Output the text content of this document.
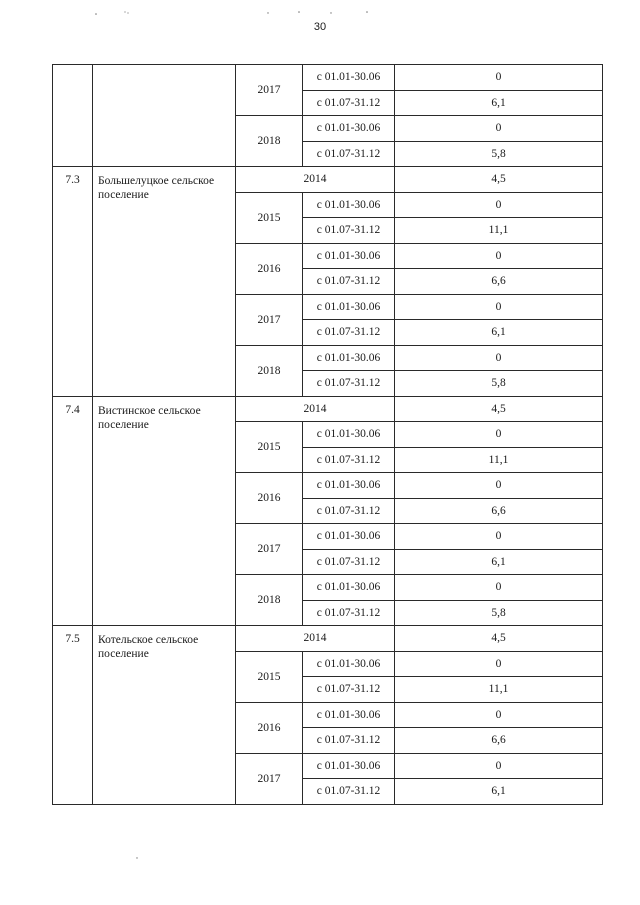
30
		2017	с 01.01-30.06	0
			с 01.07-31.12	6,1
		2018	с 01.01-30.06	0
			с 01.07-31.12	5,8
7.3	Большелуцкое сельское поселение	2014		4,5
		2015	с 01.01-30.06	0
			с 01.07-31.12	11,1
		2016	с 01.01-30.06	0
			с 01.07-31.12	6,6
		2017	с 01.01-30.06	0
			с 01.07-31.12	6,1
		2018	с 01.01-30.06	0
			с 01.07-31.12	5,8
7.4	Вистинское сельское поселение	2014		4,5
		2015	с 01.01-30.06	0
			с 01.07-31.12	11,1
		2016	с 01.01-30.06	0
			с 01.07-31.12	6,6
		2017	с 01.01-30.06	0
			с 01.07-31.12	6,1
		2018	с 01.01-30.06	0
			с 01.07-31.12	5,8
7.5	Котельское сельское поселение	2014		4,5
		2015	с 01.01-30.06	0
			с 01.07-31.12	11,1
		2016	с 01.01-30.06	0
			с 01.07-31.12	6,6
		2017	с 01.01-30.06	0
			с 01.07-31.12	6,1
